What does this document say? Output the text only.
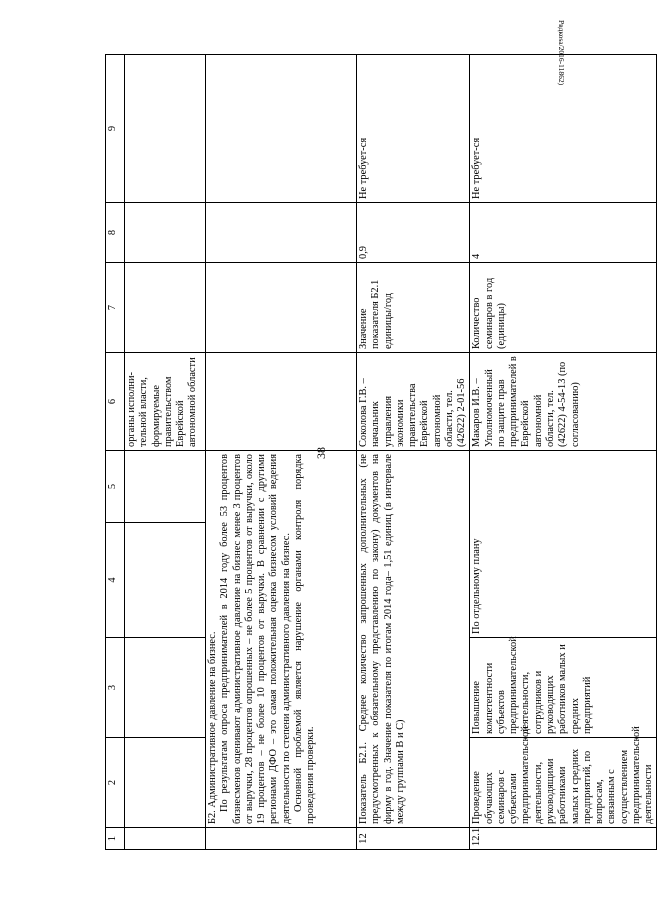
38
Рвдкоsа/2016-11862)
1	2	3	4	5	6	7	8	9
					органы исполни-тельной власти, формируемые правительством Еврейской автономной области			

	Б2. Административное давление на бизнес. По результатам опроса предпринимателей в 2014 году более 53 процентов бизнесменов оценивают административное давление на бизнес менее 3 процентов от выручки, 28 процентов опрошенных – не более 5 процентов от выручки, около 19 процентов – не более 10 процентов от выручки. В сравнении с другими регионами ДФО – это самая положительная оценка бизнесом условий ведения деятельности по степени административного давления на бизнес. Основной проблемой является нарушение органами контроля порядка проведения проверки.							

12	Показатель Б2.1. Среднее количество запрошенных дополнительных (не предусмотренных к обязательному представлению по закону) документов на фирму в год. Значение показателя по итогам 2014 года– 1,51 единиц (в интервале между группами В и С)				Соколова Г.В. – начальник управления экономики правительства Еврейской автономной области, тел. (42622) 2-01-56	Значение показателя Б2.1 единицы/год	0,9	Не требует-ся
12.1	Проведение обучающих семинаров с субъектами предпринимательской деятельности, руководящими работниками малых и средних предприятий, по вопросам, связанным с осуществлением предпринимательской деятельности	Повышение компетентности субъектов предпринимательской деятельности, сотрудников и руководящих работников малых и средних предприятий	По отдельному плану		Макаров И.В. – Уполномоченный по защите прав предпринимателей в Еврейской автономной области, тел. (42622) 4-54-13 (по согласованию)	Количество семинаров в год (единицы)	4	Не требует-ся
